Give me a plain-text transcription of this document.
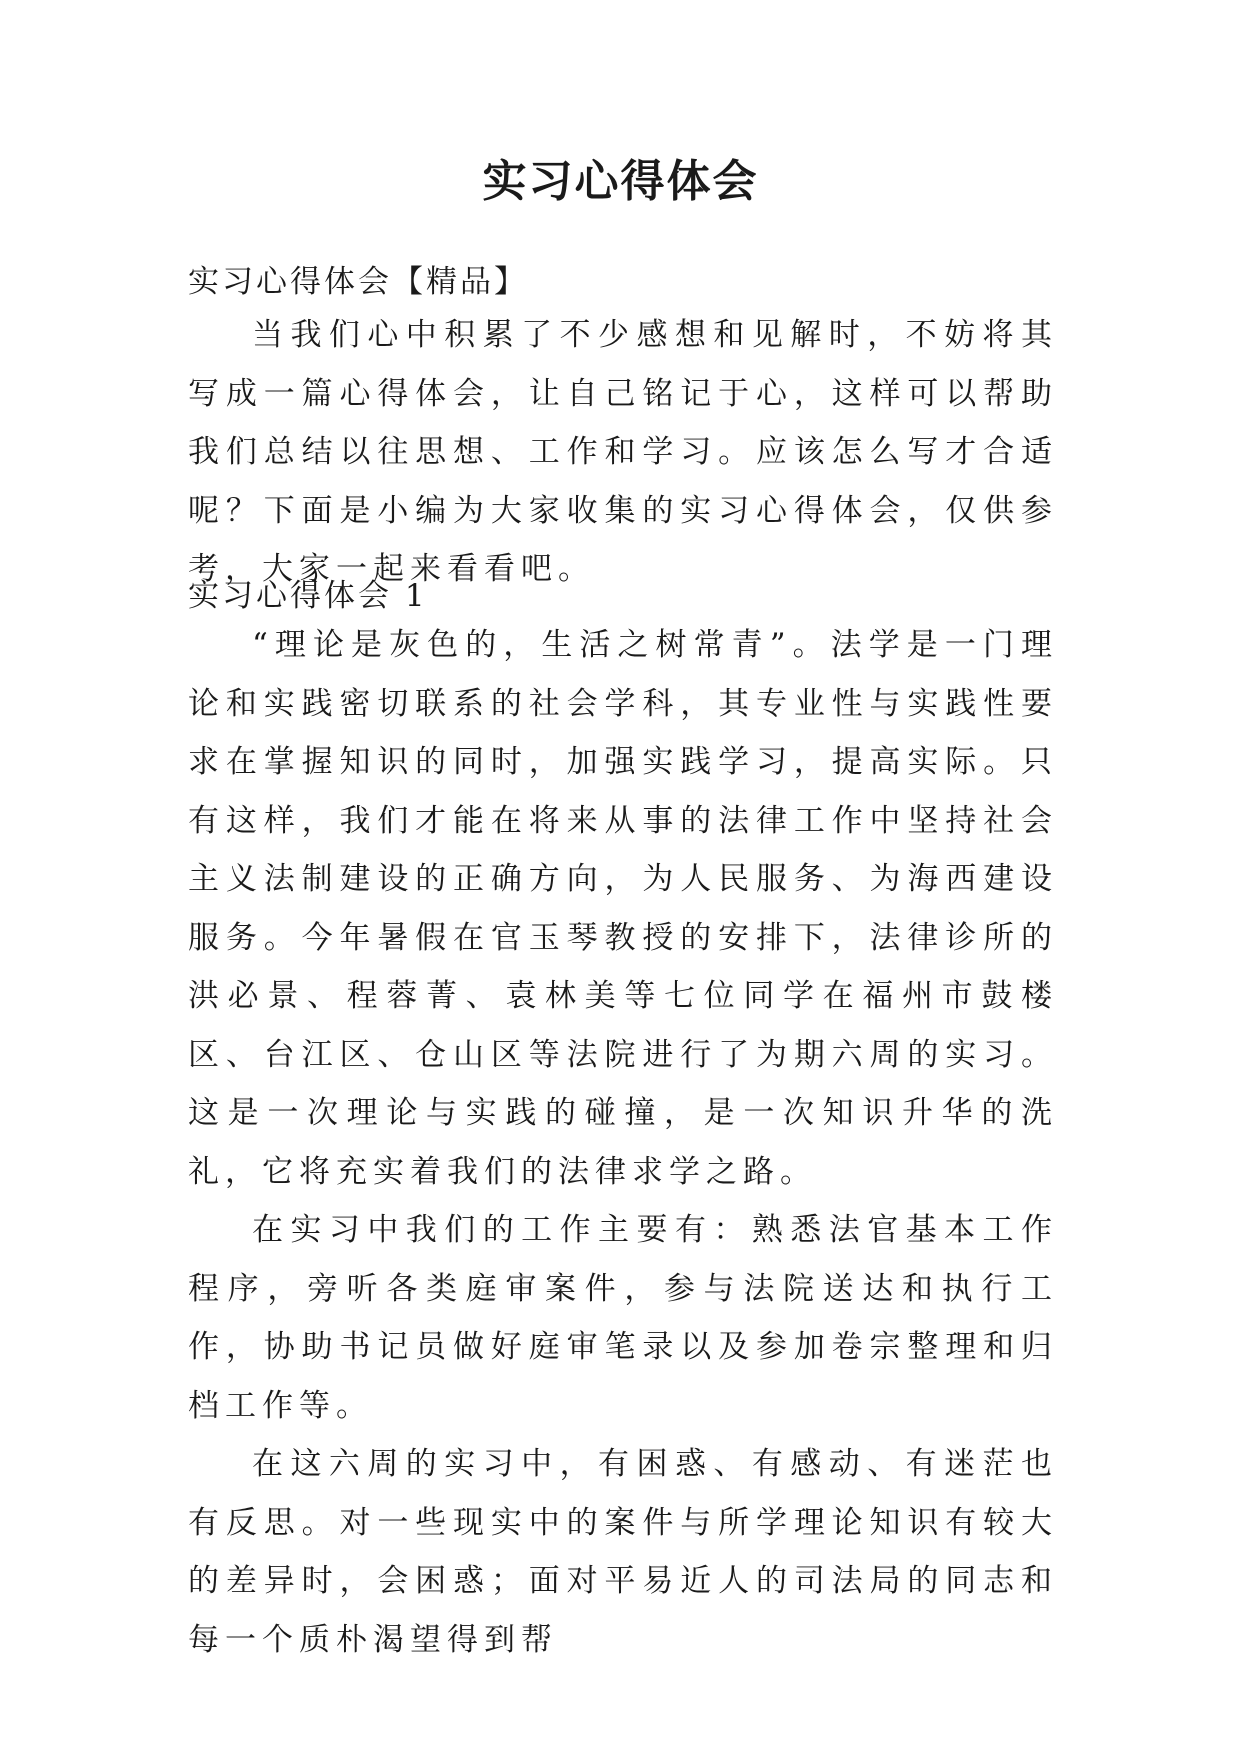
实习心得体会

实习心得体会【精品】

当我们心中积累了不少感想和见解时，不妨将其写成一篇心得体会，让自己铭记于心，这样可以帮助我们总结以往思想、工作和学习。应该怎么写才合适呢？下面是小编为大家收集的实习心得体会，仅供参考，大家一起来看看吧。

实习心得体会 1

“理论是灰色的，生活之树常青”。法学是一门理论和实践密切联系的社会学科，其专业性与实践性要求在掌握知识的同时，加强实践学习，提高实际。只有这样，我们才能在将来从事的法律工作中坚持社会主义法制建设的正确方向，为人民服务、为海西建设服务。今年暑假在官玉琴教授的安排下，法律诊所的洪必景、程蓉菁、袁林美等七位同学在福州市鼓楼区、台江区、仓山区等法院进行了为期六周的实习。这是一次理论与实践的碰撞，是一次知识升华的洗礼，它将充实着我们的法律求学之路。

在实习中我们的工作主要有：熟悉法官基本工作程序，旁听各类庭审案件，参与法院送达和执行工作，协助书记员做好庭审笔录以及参加卷宗整理和归档工作等。

在这六周的实习中，有困惑、有感动、有迷茫也有反思。对一些现实中的案件与所学理论知识有较大的差异时，会困惑；面对平易近人的司法局的同志和每一个质朴渴望得到帮
